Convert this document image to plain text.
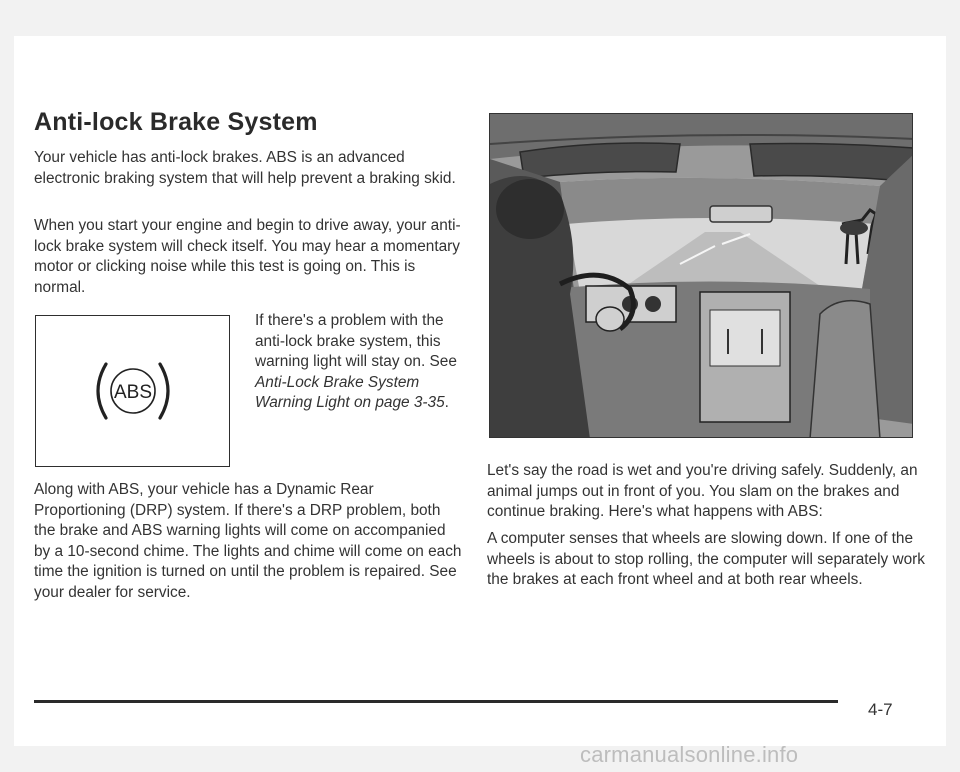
Anti-lock Brake System

Your vehicle has anti-lock brakes. ABS is an advanced electronic braking system that will help prevent a braking skid.

When you start your engine and begin to drive away, your anti-lock brake system will check itself. You may hear a momentary motor or clicking noise while this test is going on. This is normal.

ABS

If there's a problem with the anti-lock brake system, this warning light will stay on. See Anti-Lock Brake System Warning Light on page 3-35.

Along with ABS, your vehicle has a Dynamic Rear Proportioning (DRP) system. If there's a DRP problem, both the brake and ABS warning lights will come on accompanied by a 10-second chime. The lights and chime will come on each time the ignition is turned on until the problem is repaired. See your dealer for service.

Let's say the road is wet and you're driving safely. Suddenly, an animal jumps out in front of you. You slam on the brakes and continue braking. Here's what happens with ABS:

A computer senses that wheels are slowing down. If one of the wheels is about to stop rolling, the computer will separately work the brakes at each front wheel and at both rear wheels.

4-7

carmanualsonline.info
